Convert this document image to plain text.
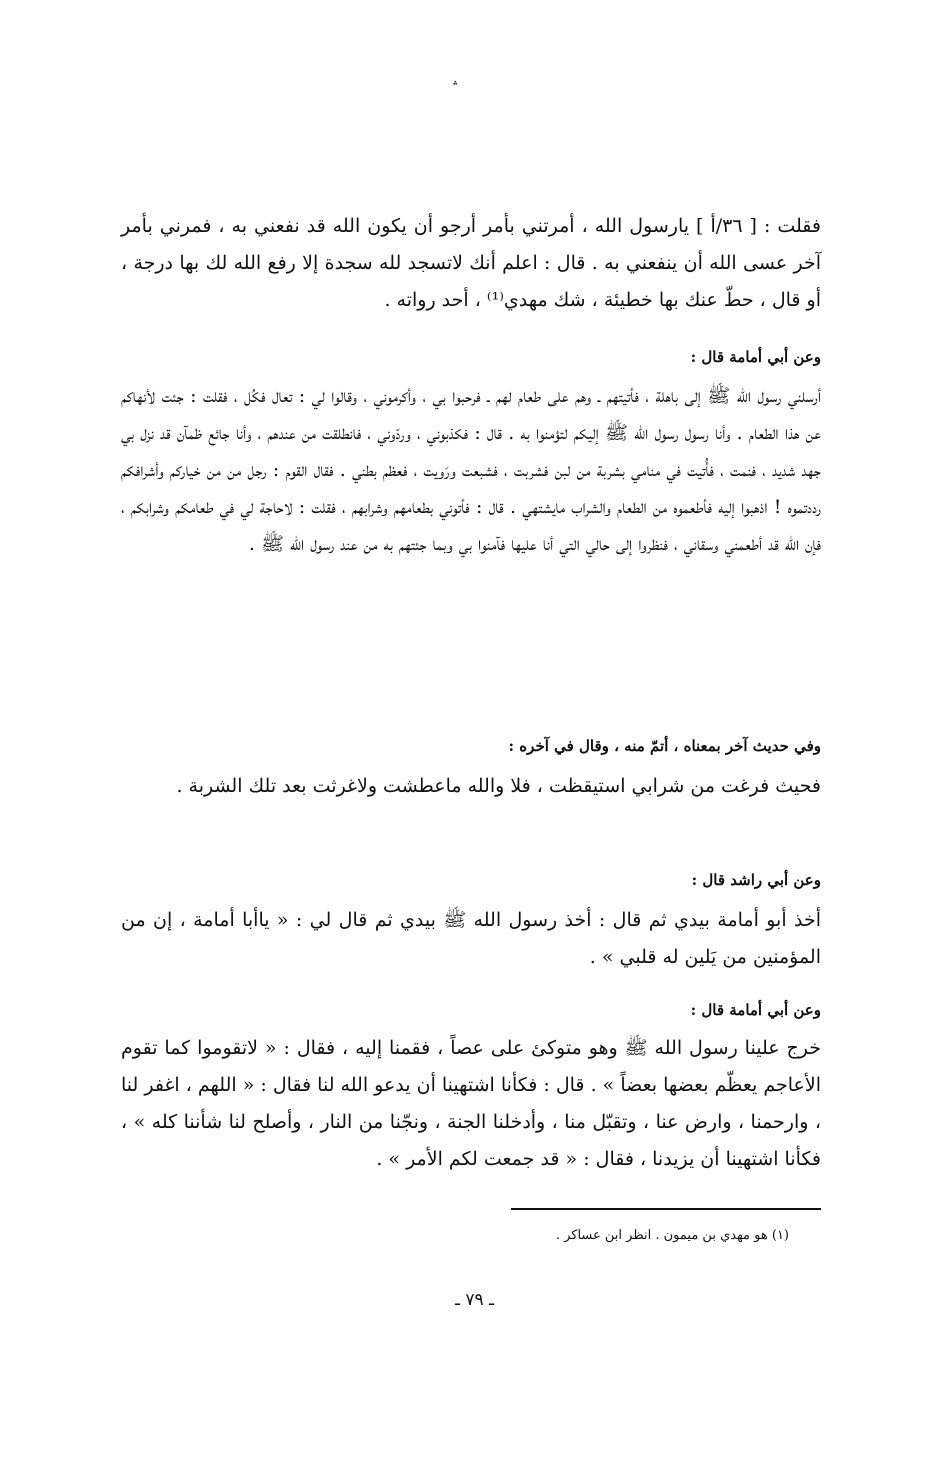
؞

فقلت : [ ٣٦/أ ] يارسول الله ، أمرتني بأمر أرجو أن يكون الله قد نفعني به ، فمرني بأمر آخر عسى الله أن ينفعني به . قال : اعلم أنك لاتسجد لله سجدة إلا رفع الله لك بها درجة ، أو قال ، حطّ عنك بها خطيئة ، شك مهدي⁽¹⁾ ، أحد رواته .

وعن أبي أمامة قال :

أرسلني رسول الله ﷺ إلى باهلة ، فأتيتهم ـ وهم على طعام لهم ـ فرحبوا بي ، وأكرموني ، وقالوا لي : تعال فكُل ، فقلت : جئت لأنهاكم عن هذا الطعام . وأنا رسول رسول الله ﷺ إليكم لتؤمنوا به . قال : فكذبوني ، وردّوني ، فانطلقت من عندهم ، وأنا جائع ظمآن قد نزل بي جهد شديد ، فنمت ، فأُتيت في منامي بشربة من لبن فشربت ، فشبعت ورَويت ، فعظم بطني . فقال القوم : رجل من من خياركم وأشرافكم رددتموه ! اذهبوا إليه فأطعموه من الطعام والشراب مايشتهي . قال : فأتوني بطعامهم وشرابهم ، فقلت : لاحاجة لي في طعامكم وشرابكم ، فإن الله قد أطعمني وسقاني ، فنظروا إلى حالي التي أنا عليها فآمنوا بي وبما جئتهم به من عند رسول الله ﷺ .

وفي حديث آخر بمعناه ، أتمّ منه ، وقال في آخره :

فحيث فرغت من شرابي استيقظت ، فلا والله ماعطشت ولاغرثت بعد تلك الشربة .

وعن أبي راشد قال :

أخذ أبو أمامة بيدي ثم قال : أخذ رسول الله ﷺ بيدي ثم قال لي : « ياأبا أمامة ، إن من المؤمنين من يَلين له قلبي » .

وعن أبي أمامة قال :

خرج علينا رسول الله ﷺ وهو متوكئ على عصاً ، فقمنا إليه ، فقال : « لاتقوموا كما تقوم الأعاجم يعظّم بعضها بعضاً » . قال : فكأنا اشتهينا أن يدعو الله لنا فقال : « اللهم ، اغفر لنا ، وارحمنا ، وارض عنا ، وتقبّل منا ، وأدخلنا الجنة ، ونجّنا من النار ، وأصلح لنا شأننا كله » ، فكأنا اشتهينا أن يزيدنا ، فقال : « قد جمعت لكم الأمر » .

(١) هو مهدي بن ميمون . انظر ابن عساكر .
ـ ٧٩ ـ
